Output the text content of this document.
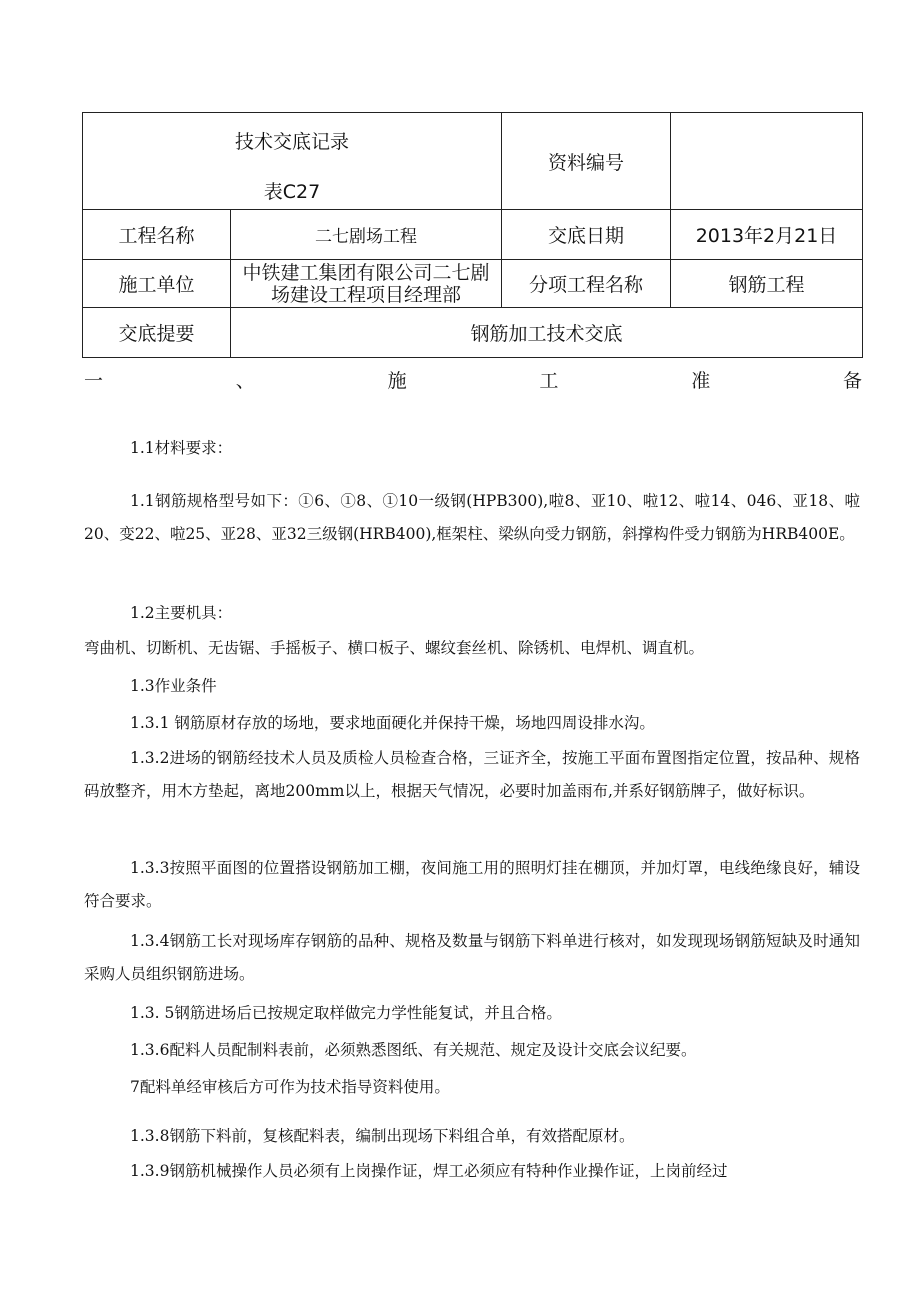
技术交底记录
表C27		资料编号	
工程名称	二七剧场工程	交底日期	2013年2月21日
施工单位	中铁建工集团有限公司二七剧场建设工程项目经理部	分项工程名称	钢筋工程
交底提要	钢筋加工技术交底		
一	、	施	工	准	备
1.1材料要求：
1.1钢筋规格型号如下：①6、①8、①10一级钢(HPB300),啦8、亚10、啦12、啦14、046、亚18、啦20、变22、啦25、亚28、亚32三级钢(HRB400),框架柱、梁纵向受力钢筋，斜撑构件受力钢筋为HRB400E。
1.2主要机具：
弯曲机、切断机、无齿锯、手摇板子、横口板子、螺纹套丝机、除锈机、电焊机、调直机。
1.3作业条件
1.3.1 钢筋原材存放的场地，要求地面硬化并保持干燥，场地四周设排水沟。
1.3.2进场的钢筋经技术人员及质检人员检查合格，三证齐全，按施工平面布置图指定位置，按品种、规格码放整齐，用木方垫起，离地200mm以上，根据天气情况，必要时加盖雨布,并系好钢筋牌子，做好标识。
1.3.3按照平面图的位置搭设钢筋加工棚，夜间施工用的照明灯挂在棚顶，并加灯罩，电线绝缘良好，辅设符合要求。
1.3.4钢筋工长对现场库存钢筋的品种、规格及数量与钢筋下料单进行核对，如发现现场钢筋短缺及时通知采购人员组织钢筋进场。
1.3. 5钢筋进场后已按规定取样做完力学性能复试，并且合格。
1.3.6配料人员配制料表前，必须熟悉图纸、有关规范、规定及设计交底会议纪要。
7配料单经审核后方可作为技术指导资料使用。
1.3.8钢筋下料前，复核配料表，编制出现场下料组合单，有效搭配原材。
1.3.9钢筋机械操作人员必须有上岗操作证，焊工必须应有特种作业操作证，上岗前经过
